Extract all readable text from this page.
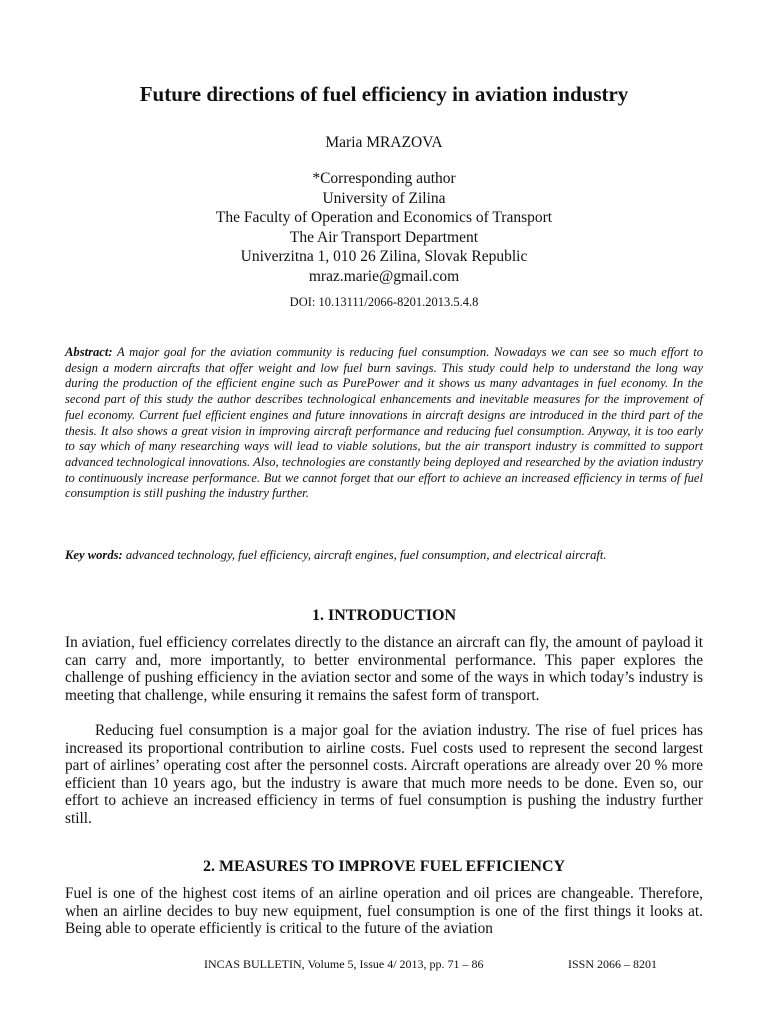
Future directions of fuel efficiency in aviation industry
Maria MRAZOVA
*Corresponding author
University of Zilina
The Faculty of Operation and Economics of Transport
The Air Transport Department
Univerzitna 1, 010 26 Zilina, Slovak Republic
mraz.marie@gmail.com
DOI: 10.13111/2066-8201.2013.5.4.8
Abstract: A major goal for the aviation community is reducing fuel consumption. Nowadays we can see so much effort to design a modern aircrafts that offer weight and low fuel burn savings. This study could help to understand the long way during the production of the efficient engine such as PurePower and it shows us many advantages in fuel economy. In the second part of this study the author describes technological enhancements and inevitable measures for the improvement of fuel economy. Current fuel efficient engines and future innovations in aircraft designs are introduced in the third part of the thesis. It also shows a great vision in improving aircraft performance and reducing fuel consumption. Anyway, it is too early to say which of many researching ways will lead to viable solutions, but the air transport industry is committed to support advanced technological innovations. Also, technologies are constantly being deployed and researched by the aviation industry to continuously increase performance. But we cannot forget that our effort to achieve an increased efficiency in terms of fuel consumption is still pushing the industry further.
Key words: advanced technology, fuel efficiency, aircraft engines, fuel consumption, and electrical aircraft.
1. INTRODUCTION
In aviation, fuel efficiency correlates directly to the distance an aircraft can fly, the amount of payload it can carry and, more importantly, to better environmental performance. This paper explores the challenge of pushing efficiency in the aviation sector and some of the ways in which today’s industry is meeting that challenge, while ensuring it remains the safest form of transport.
Reducing fuel consumption is a major goal for the aviation industry. The rise of fuel prices has increased its proportional contribution to airline costs. Fuel costs used to represent the second largest part of airlines’ operating cost after the personnel costs. Aircraft operations are already over 20 % more efficient than 10 years ago, but the industry is aware that much more needs to be done. Even so, our effort to achieve an increased efficiency in terms of fuel consumption is pushing the industry further still.
2. MEASURES TO IMPROVE FUEL EFFICIENCY
Fuel is one of the highest cost items of an airline operation and oil prices are changeable. Therefore, when an airline decides to buy new equipment, fuel consumption is one of the first things it looks at. Being able to operate efficiently is critical to the future of the aviation
INCAS BULLETIN, Volume 5, Issue 4/ 2013, pp. 71 – 86	ISSN 2066 – 8201
